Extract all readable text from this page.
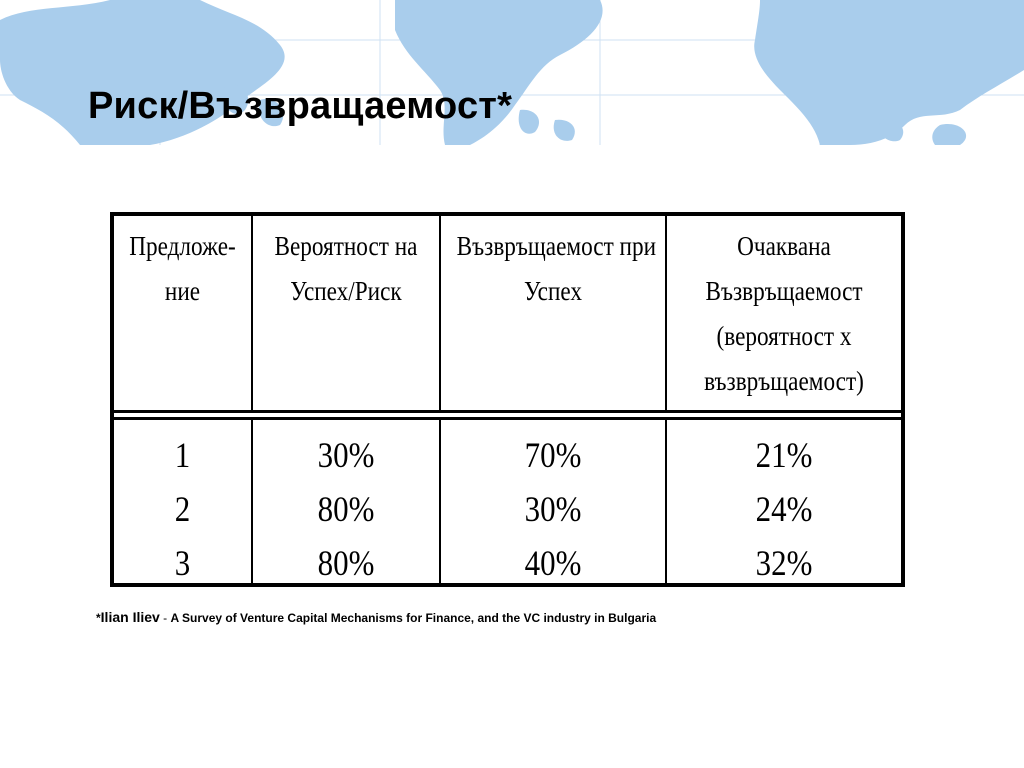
Риск/Възвращаемост*
Предложе-
ние
Вероятност на
Успех/Риск
Възвръщаемост при
Успех
Очаквана
Възвръщаемост
(вероятност x
възвръщаемост)
1
2
3
30%
80%
80%
70%
30%
40%
21%
24%
32%
*Ilian Iliev - A Survey of Venture Capital Mechanisms for Finance, and the VC industry in Bulgaria
